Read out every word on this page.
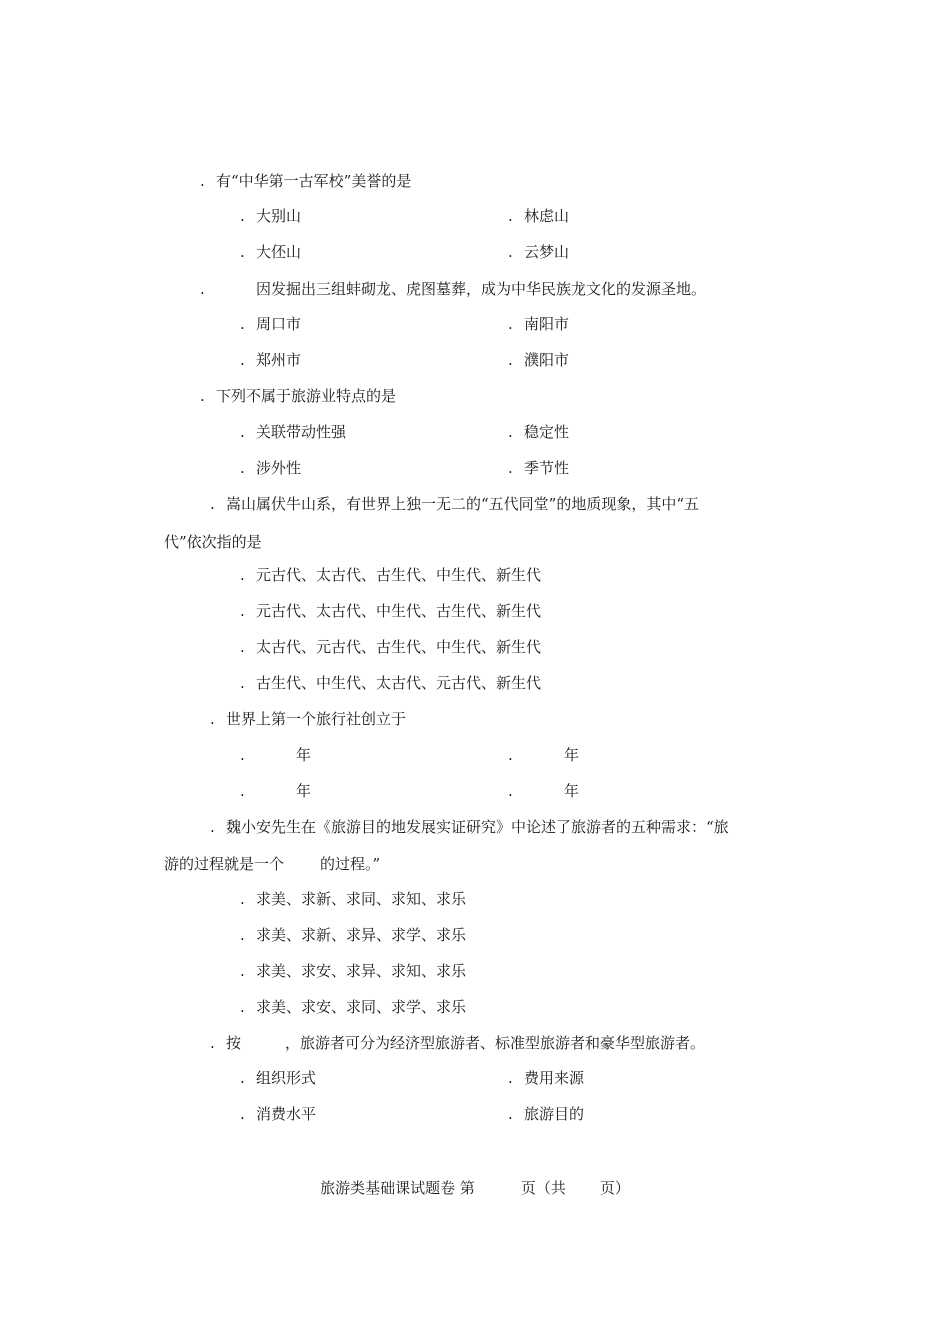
. 有“中华第一古军校”美誉的是
. 大别山	. 林虑山
. 大伾山	. 云梦山
.	因发掘出三组蚌砌龙、虎图墓葬，成为中华民族龙文化的发源圣地。
. 周口市	. 南阳市
. 郑州市	. 濮阳市
. 下列不属于旅游业特点的是
. 关联带动性强	. 稳定性
. 涉外性	. 季节性
. 嵩山属伏牛山系，有世界上独一无二的“五代同堂”的地质现象，其中“五
代”依次指的是
. 元古代、太古代、古生代、中生代、新生代
. 元古代、太古代、中生代、古生代、新生代
. 太古代、元古代、古生代、中生代、新生代
. 古生代、中生代、太古代、元古代、新生代
. 世界上第一个旅行社创立于
.	年	.	年
.	年	.	年
. 魏小安先生在《旅游目的地发展实证研究》中论述了旅游者的五种需求：“旅
游的过程就是一个 的过程。”
. 求美、求新、求同、求知、求乐
. 求美、求新、求异、求学、求乐
. 求美、求安、求异、求知、求乐
. 求美、求安、求同、求学、求乐
. 按	，旅游者可分为经济型旅游者、标准型旅游者和豪华型旅游者。
. 组织形式	. 费用来源
. 消费水平	. 旅游目的
旅游类基础课试题卷 第	页（共 页）
